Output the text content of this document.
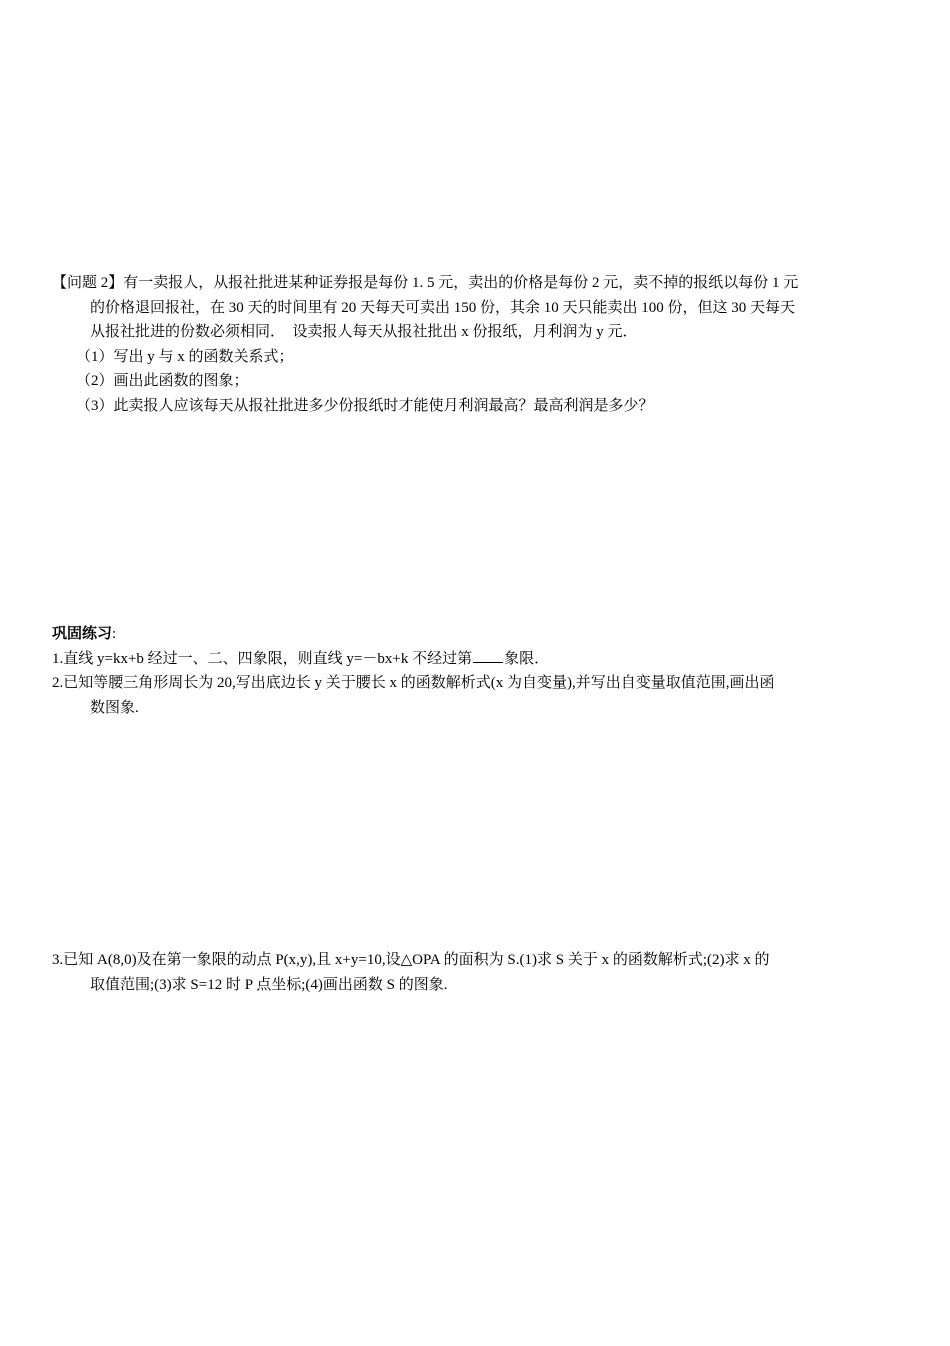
【问题 2】有一卖报人，从报社批进某种证券报是每份 1. 5 元，卖出的价格是每份 2 元，卖不掉的报纸以每份 1 元
的价格退回报社，在 30 天的时间里有 20 天每天可卖出 150 份，其余 10 天只能卖出 100 份，但这 30 天每天
从报社批进的份数必须相同．　设卖报人每天从报社批出 x 份报纸，月利润为 y 元．
（1）写出 y 与 x 的函数关系式；
（2）画出此函数的图象；
（3）此卖报人应该每天从报社批进多少份报纸时才能使月利润最高？最高利润是多少？
巩固练习:
1.直线 y=kx+b 经过一、二、四象限，则直线 y=－bx+k 不经过第 象限．
2.已知等腰三角形周长为 20,写出底边长 y 关于腰长 x 的函数解析式(x 为自变量),并写出自变量取值范围,画出函
数图象.
3.已知 A(8,0)及在第一象限的动点 P(x,y),且 x+y=10,设△OPA 的面积为 S.(1)求 S 关于 x 的函数解析式;(2)求 x 的
取值范围;(3)求 S=12 时 P 点坐标;(4)画出函数 S 的图象.
